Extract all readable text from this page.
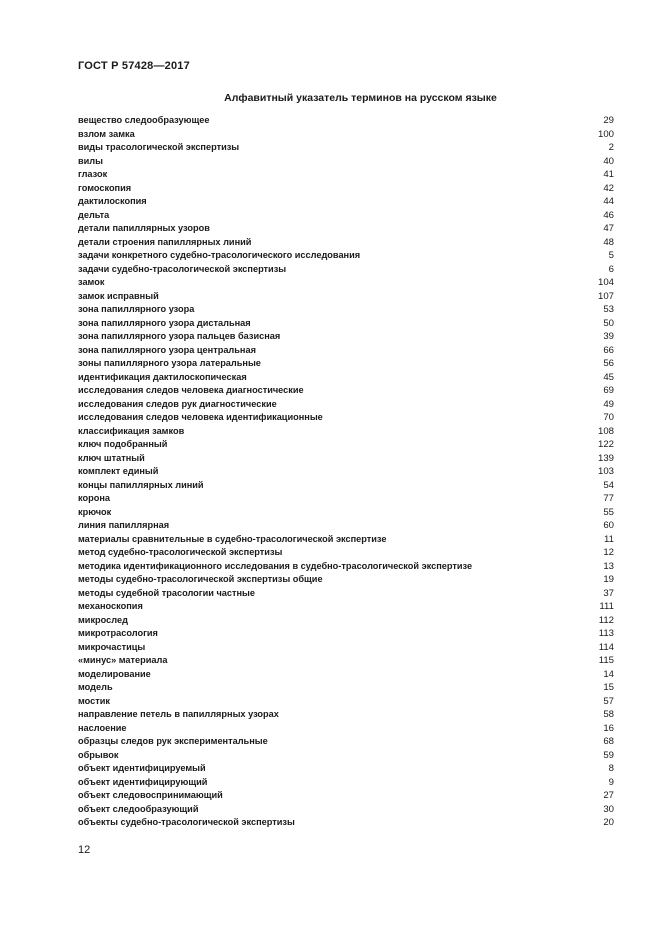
ГОСТ Р 57428—2017
Алфавитный указатель терминов на русском языке
вещество следообразующее	29
взлом замка	100
виды трасологической экспертизы	2
вилы	40
глазок	41
гомоскопия	42
дактилоскопия	44
дельта	46
детали папиллярных узоров	47
детали строения папиллярных линий	48
задачи конкретного судебно-трасологического исследования	5
задачи судебно-трасологической экспертизы	6
замок	104
замок исправный	107
зона папиллярного узора	53
зона папиллярного узора дистальная	50
зона папиллярного узора пальцев базисная	39
зона папиллярного узора центральная	66
зоны папиллярного узора латеральные	56
идентификация дактилоскопическая	45
исследования следов человека диагностические	69
исследования следов рук диагностические	49
исследования следов человека идентификационные	70
классификация замков	108
ключ подобранный	122
ключ штатный	139
комплект единый	103
концы папиллярных линий	54
корона	77
крючок	55
линия папиллярная	60
материалы сравнительные в судебно-трасологической экспертизе	11
метод судебно-трасологической экспертизы	12
методика идентификационного исследования в судебно-трасологической экспертизе	13
методы судебно-трасологической экспертизы общие	19
методы судебной трасологии частные	37
механоскопия	111
микрослед	112
микротрасология	113
микрочастицы	114
«минус» материала	115
моделирование	14
модель	15
мостик	57
направление петель в папиллярных узорах	58
наслоение	16
образцы следов рук экспериментальные	68
обрывок	59
объект идентифицируемый	8
объект идентифицирующий	9
объект следовоспринимающий	27
объект следообразующий	30
объекты судебно-трасологической экспертизы	20
12
